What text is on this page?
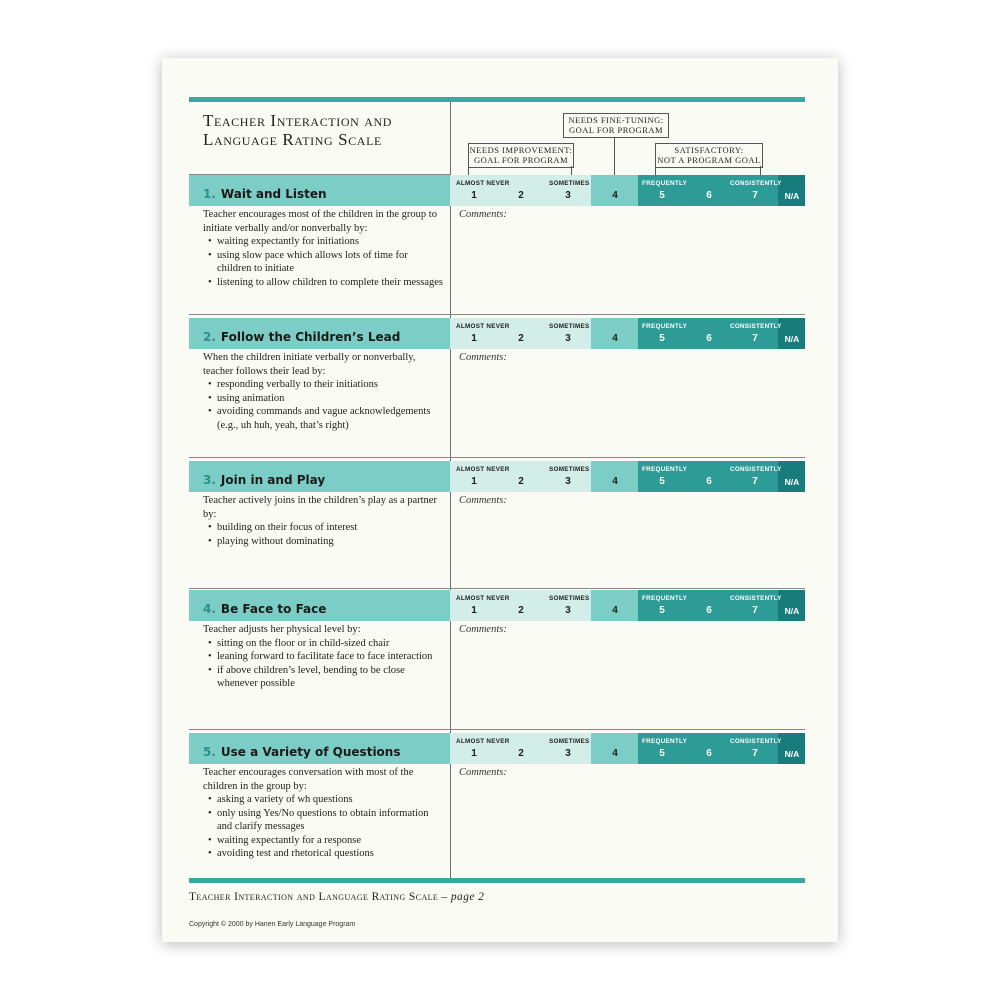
Teacher Interaction and
Language Rating Scale
NEEDS FINE-TUNING:
GOAL FOR PROGRAM
NEEDS IMPROVEMENT:
GOAL FOR PROGRAM
SATISFACTORY:
NOT A PROGRAM GOAL
1. Wait and Listen
ALMOST NEVER	SOMETIMES	FREQUENTLY	CONSISTENTLY
1	2	3	4	5	6	7	N/A
Teacher encourages most of the children in the group to initiate verbally and/or nonverbally by:
• waiting expectantly for initiations
• using slow pace which allows lots of time for children to initiate
• listening to allow children to complete their messages
Comments:
2. Follow the Children’s Lead
ALMOST NEVER	SOMETIMES	FREQUENTLY	CONSISTENTLY
1	2	3	4	5	6	7	N/A
When the children initiate verbally or nonverbally, teacher follows their lead by:
• responding verbally to their initiations
• using animation
• avoiding commands and vague acknowledgements (e.g., uh huh, yeah, that’s right)
Comments:
3. Join in and Play
ALMOST NEVER	SOMETIMES	FREQUENTLY	CONSISTENTLY
1	2	3	4	5	6	7	N/A
Teacher actively joins in the children’s play as a partner by:
• building on their focus of interest
• playing without dominating
Comments:
4. Be Face to Face
ALMOST NEVER	SOMETIMES	FREQUENTLY	CONSISTENTLY
1	2	3	4	5	6	7	N/A
Teacher adjusts her physical level by:
• sitting on the floor or in child-sized chair
• leaning forward to facilitate face to face interaction
• if above children’s level, bending to be close whenever possible
Comments:
5. Use a Variety of Questions
ALMOST NEVER	SOMETIMES	FREQUENTLY	CONSISTENTLY
1	2	3	4	5	6	7	N/A
Teacher encourages conversation with most of the children in the group by:
• asking a variety of wh questions
• only using Yes/No questions to obtain information and clarify messages
• waiting expectantly for a response
• avoiding test and rhetorical questions
Comments:
Teacher Interaction and Language Rating Scale – page 2
Copyright © 2000 by Hanen Early Language Program
